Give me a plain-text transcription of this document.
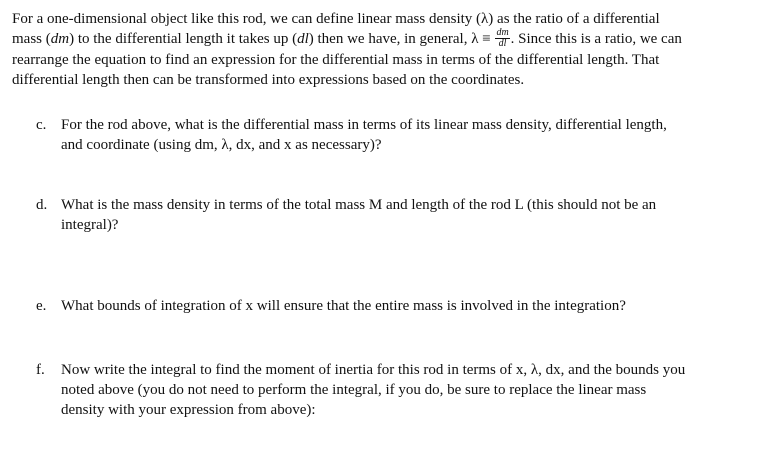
For a one-dimensional object like this rod, we can define linear mass density (λ) as the ratio of a differential
mass (dm) to the differential length it takes up (dl) then we have, in general, $\lambda \equiv \frac{dm}{dl}$ . Since this is a ratio, we can
rearrange the equation to find an expression for the differential mass in terms of the differential length. That
differential length then can be transformed into expressions based on the coordinates.
c. For the rod above, what is the differential mass in terms of its linear mass density, differential length,
and coordinate (using dm, λ, dx, and x as necessary)?
d. What is the mass density in terms of the total mass M and length of the rod L (this should not be an
integral)?
e. What bounds of integration of x will ensure that the entire mass is involved in the integration?
f.	Now write the integral to find the moment of inertia for this rod in terms of x, λ, dx, and the bounds you
noted above (you do not need to perform the integral, if you do, be sure to replace the linear mass
density with your expression from above):
